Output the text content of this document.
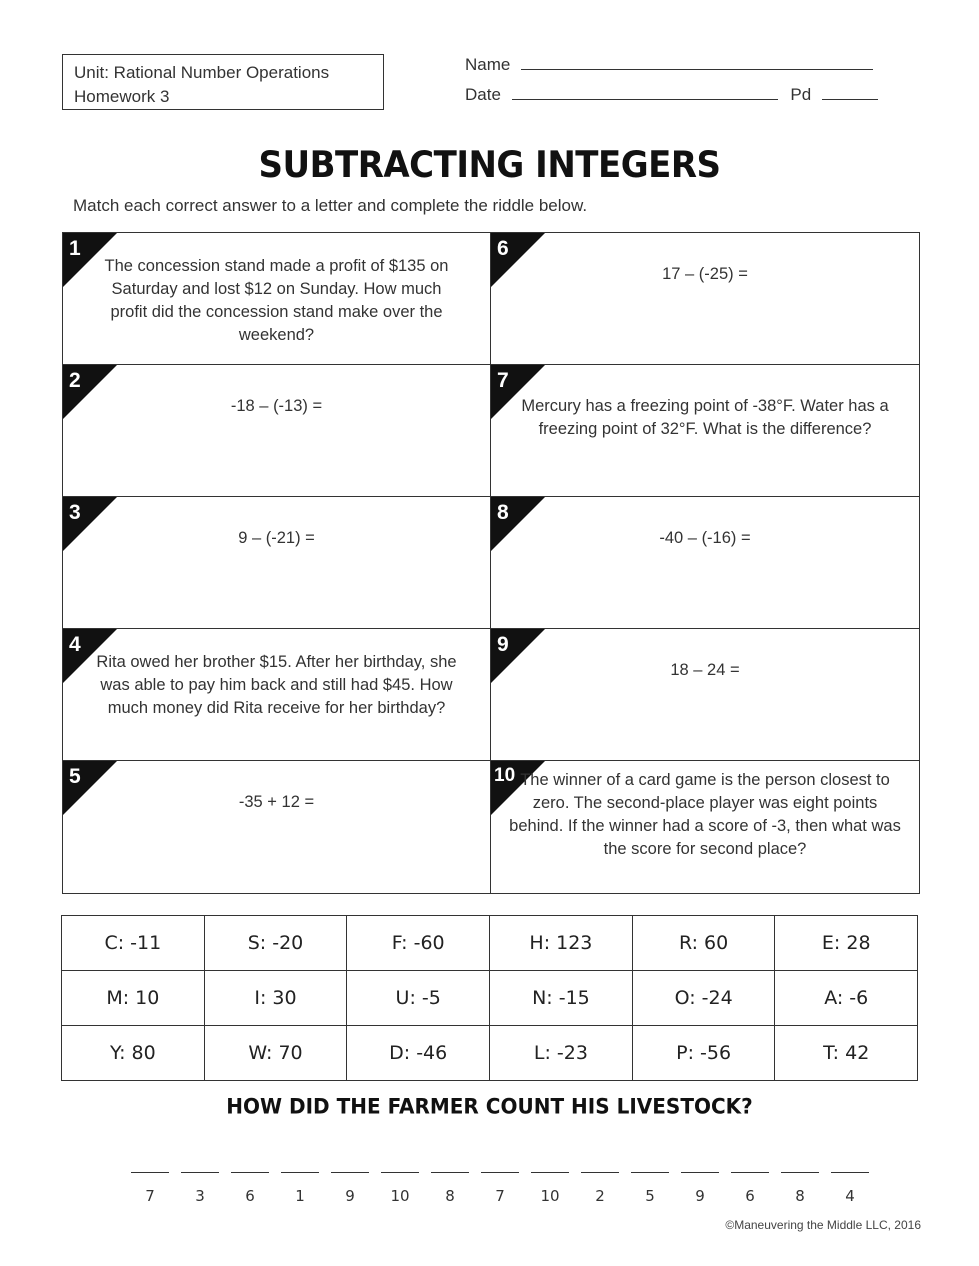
Unit: Rational Number Operations
Homework 3
Name
Date	Pd
SUBTRACTING INTEGERS
Match each correct answer to a letter and complete the riddle below.
1
The concession stand made a profit of $135 on Saturday and lost $12 on Sunday. How much profit did the concession stand make over the weekend?
6
17 – (-25) =
2
-18 – (-13) =
7
Mercury has a freezing point of -38°F. Water has a freezing point of 32°F. What is the difference?
3
9 – (-21) =
8
-40 – (-16) =
4
Rita owed her brother $15. After her birthday, she was able to pay him back and still had $45. How much money did Rita receive for her birthday?
9
18 – 24 =
5
-35 + 12 =
10 The winner of a card game is the person closest to zero. The second-place player was eight points behind. If the winner had a score of -3, then what was the score for second place?
C: -11	S: -20	F: -60	H: 123	R: 60	E: 28
M: 10	I: 30	U: -5	N: -15	O: -24	A: -6
Y: 80	W: 70	D: -46	L: -23	P: -56	T: 42
HOW DID THE FARMER COUNT HIS LIVESTOCK?
7	3	6	1	9	10	8	7	10	2	5	9	6	8	4
©Maneuvering the Middle LLC, 2016
